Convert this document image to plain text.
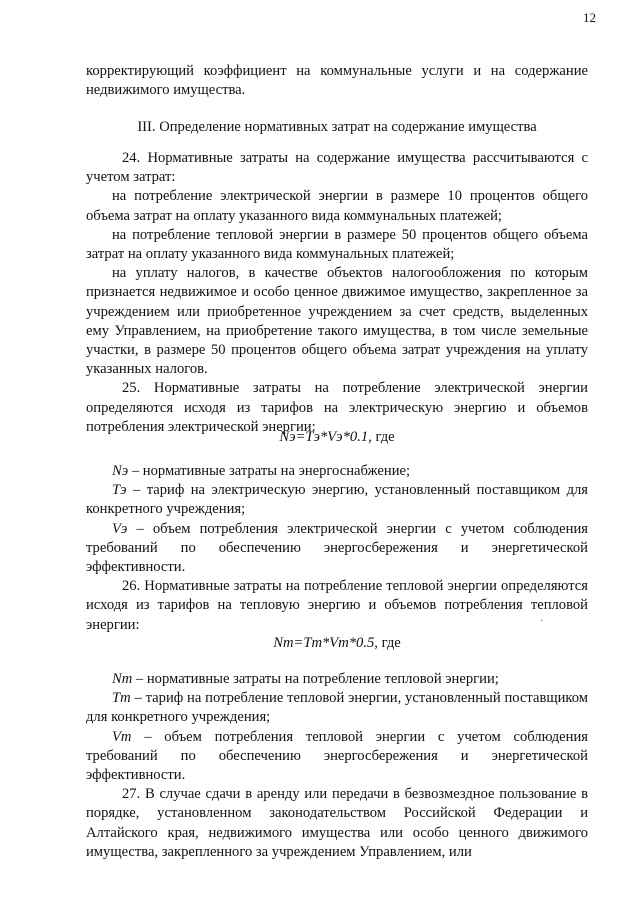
12

корректирующий коэффициент на коммунальные услуги и на содержание недвижимого имущества.

III. Определение нормативных затрат на содержание имущества

24. Нормативные затраты на содержание имущества рассчитываются с учетом затрат:

на потребление электрической энергии в размере 10 процентов общего объема затрат на оплату указанного вида коммунальных платежей;

на потребление тепловой энергии в размере 50 процентов общего объема затрат на оплату указанного вида коммунальных платежей;

на уплату налогов, в качестве объектов налогообложения по которым признается недвижимое и особо ценное движимое имущество, закрепленное за учреждением или приобретенное учреждением за счет средств, выделенных ему Управлением, на приобретение такого имущества, в том числе земельные участки, в размере 50 процентов общего объема затрат учреждения на уплату указанных налогов.

25. Нормативные затраты на потребление электрической энергии определяются исходя из тарифов на электрическую энергию и объемов потребления электрической энергии:

Nэ=Tэ*Vэ*0.1, где

Nэ – нормативные затраты на энергоснабжение;

Tэ – тариф на электрическую энергию, установленный поставщиком для конкретного учреждения;

Vэ – объем потребления электрической энергии с учетом соблюдения требований по обеспечению энергосбережения и энергетической эффективности.

26. Нормативные затраты на потребление тепловой энергии определяются исходя из тарифов на тепловую энергию и объемов потребления тепловой энергии:	·
Nт=Tт*Vт*0.5, где

Nт – нормативные затраты на потребление тепловой энергии;

Tт – тариф на потребление тепловой энергии, установленный поставщиком для конкретного учреждения;

Vт – объем потребления тепловой энергии с учетом соблюдения требований по обеспечению энергосбережения и энергетической эффективности.

27. В случае сдачи в аренду или передачи в безвозмездное пользование в порядке, установленном законодательством Российской Федерации и Алтайского края, недвижимого имущества или особо ценного движимого имущества, закрепленного за учреждением Управлением, или
